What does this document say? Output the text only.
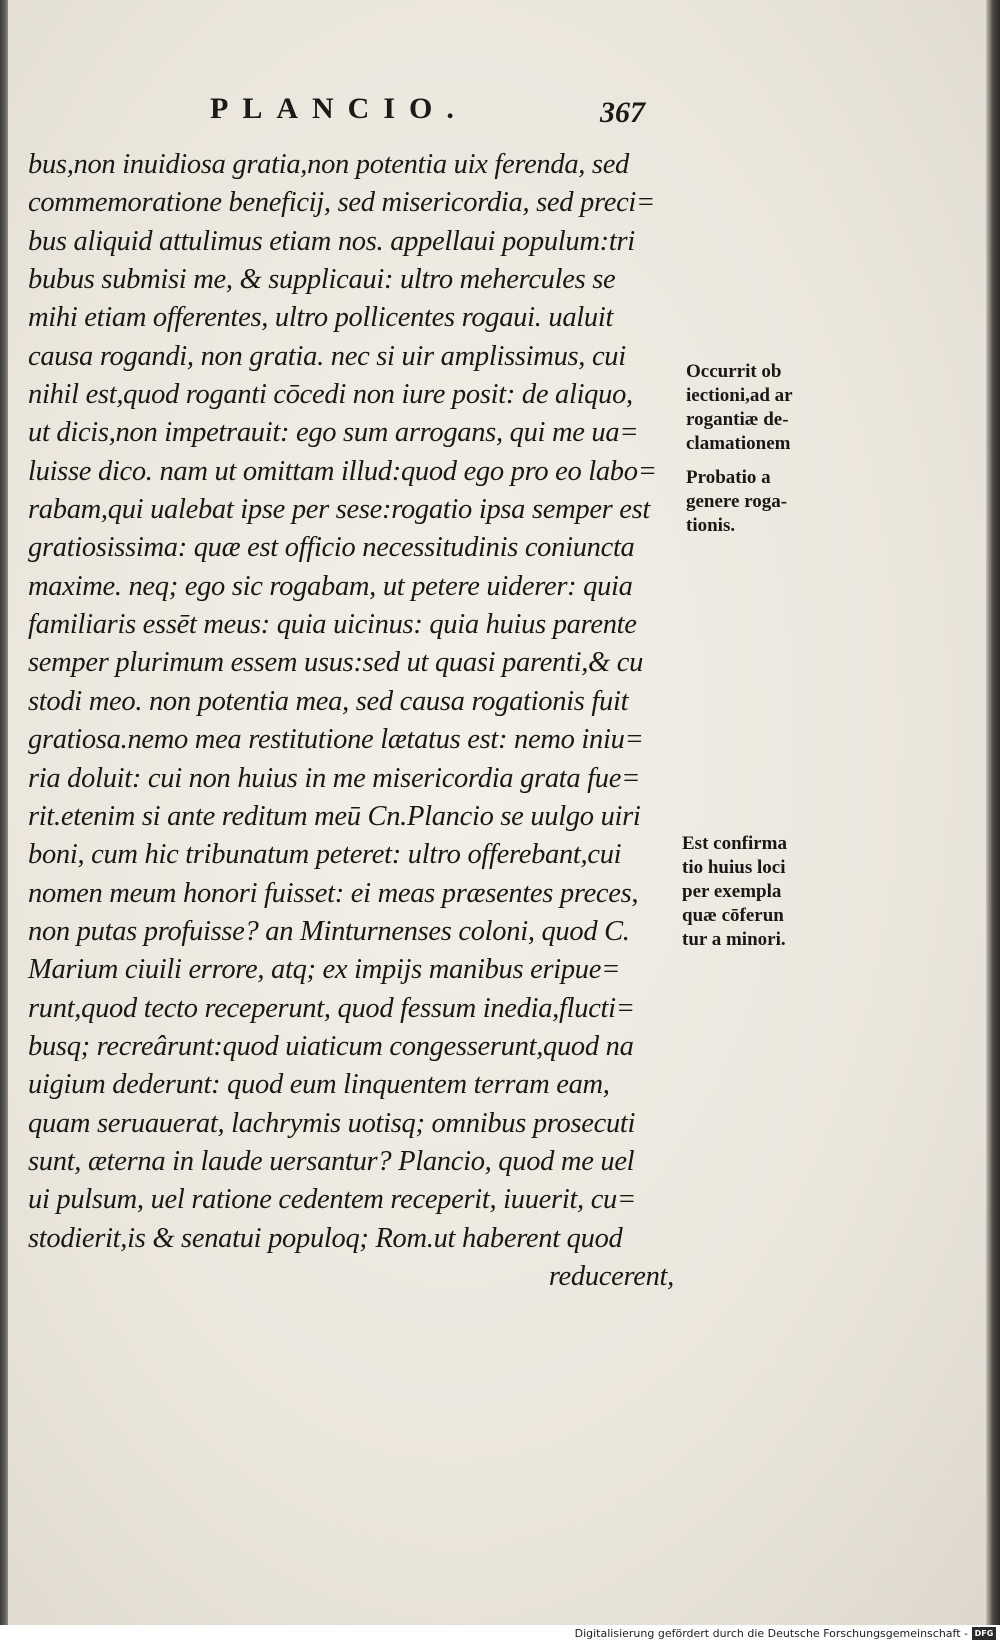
PLANCIO.	367
bus,non inuidiosa gratia,non potentia uix ferenda, sed
commemoratione beneficij, sed misericordia, sed preci=
bus aliquid attulimus etiam nos. appellaui populum:tri
bubus submisi me, & supplicaui: ultro mehercules se
mihi etiam offerentes, ultro pollicentes rogaui. ualuit
causa rogandi, non gratia. nec si uir amplissimus, cui
nihil est,quod roganti cōcedi non iure posit: de aliquo,
ut dicis,non impetrauit: ego sum arrogans, qui me ua=
luisse dico. nam ut omittam illud:quod ego pro eo labo=
rabam,qui ualebat ipse per sese:rogatio ipsa semper est
gratiosissima: quæ est officio necessitudinis coniuncta
maxime. neq; ego sic rogabam, ut petere uiderer: quia
familiaris essēt meus: quia uicinus: quia huius parente
semper plurimum essem usus:sed ut quasi parenti,& cu
stodi meo. non potentia mea, sed causa rogationis fuit
gratiosa.nemo mea restitutione lætatus est: nemo iniu=
ria doluit: cui non huius in me misericordia grata fue=
rit.etenim si ante reditum meū Cn.Plancio se uulgo uiri
boni, cum hic tribunatum peteret: ultro offerebant,cui
nomen meum honori fuisset: ei meas præsentes preces,
non putas profuisse? an Minturnenses coloni, quod C.
Marium ciuili errore, atq; ex impijs manibus eripue=
runt,quod tecto receperunt, quod fessum inedia,flucti=
busq; recreârunt:quod uiaticum congesserunt,quod na
uigium dederunt: quod eum linquentem terram eam,
quam seruauerat, lachrymis uotisq; omnibus prosecuti
sunt, æterna in laude uersantur? Plancio, quod me uel
ui pulsum, uel ratione cedentem receperit, iuuerit, cu=
stodierit,is & senatui populoq; Rom.ut haberent quod
reducerent,
Occurrit ob
iectioni,ad ar
rogantiæ de-
clamationem
Probatio a
genere roga-
tionis.
Est confirma
tio huius loci
per exempla
quæ cōferun
tur a minori.
Digitalisierung gefördert durch die Deutsche Forschungsgemeinschaft - DFG
